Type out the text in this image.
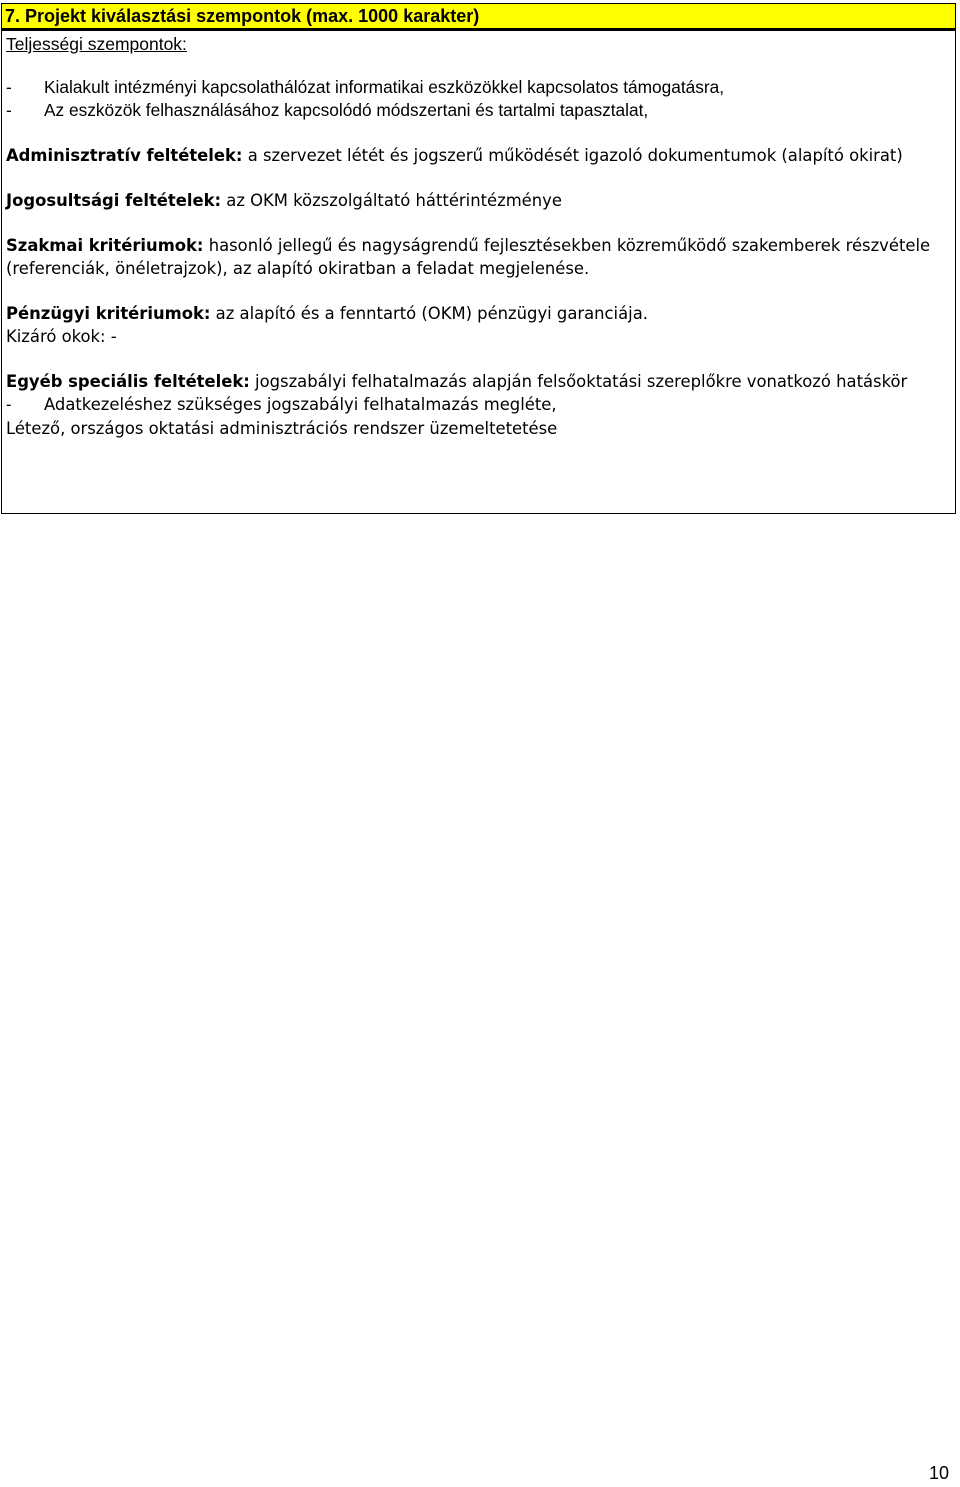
7. Projekt kiválasztási szempontok (max. 1000 karakter)
Teljességi szempontok:
- Kialakult intézményi kapcsolathálózat informatikai eszközökkel kapcsolatos támogatásra,
- Az eszközök felhasználásához kapcsolódó módszertani és tartalmi tapasztalat,
Adminisztratív feltételek: a szervezet létét és jogszerű működését igazoló dokumentumok (alapító okirat)
Jogosultsági feltételek: az OKM közszolgáltató háttérintézménye
Szakmai kritériumok: hasonló jellegű és nagyságrendű fejlesztésekben közreműködő szakemberek részvétele (referenciák, önéletrajzok), az alapító okiratban a feladat megjelenése.
Pénzügyi kritériumok: az alapító és a fenntartó (OKM) pénzügyi garanciája.
Kizáró okok: -
Egyéb speciális feltételek: jogszabályi felhatalmazás alapján felsőoktatási szereplőkre vonatkozó hatáskör
- Adatkezeléshez szükséges jogszabályi felhatalmazás megléte,
Létező, országos oktatási adminisztrációs rendszer üzemeltetetése
10
